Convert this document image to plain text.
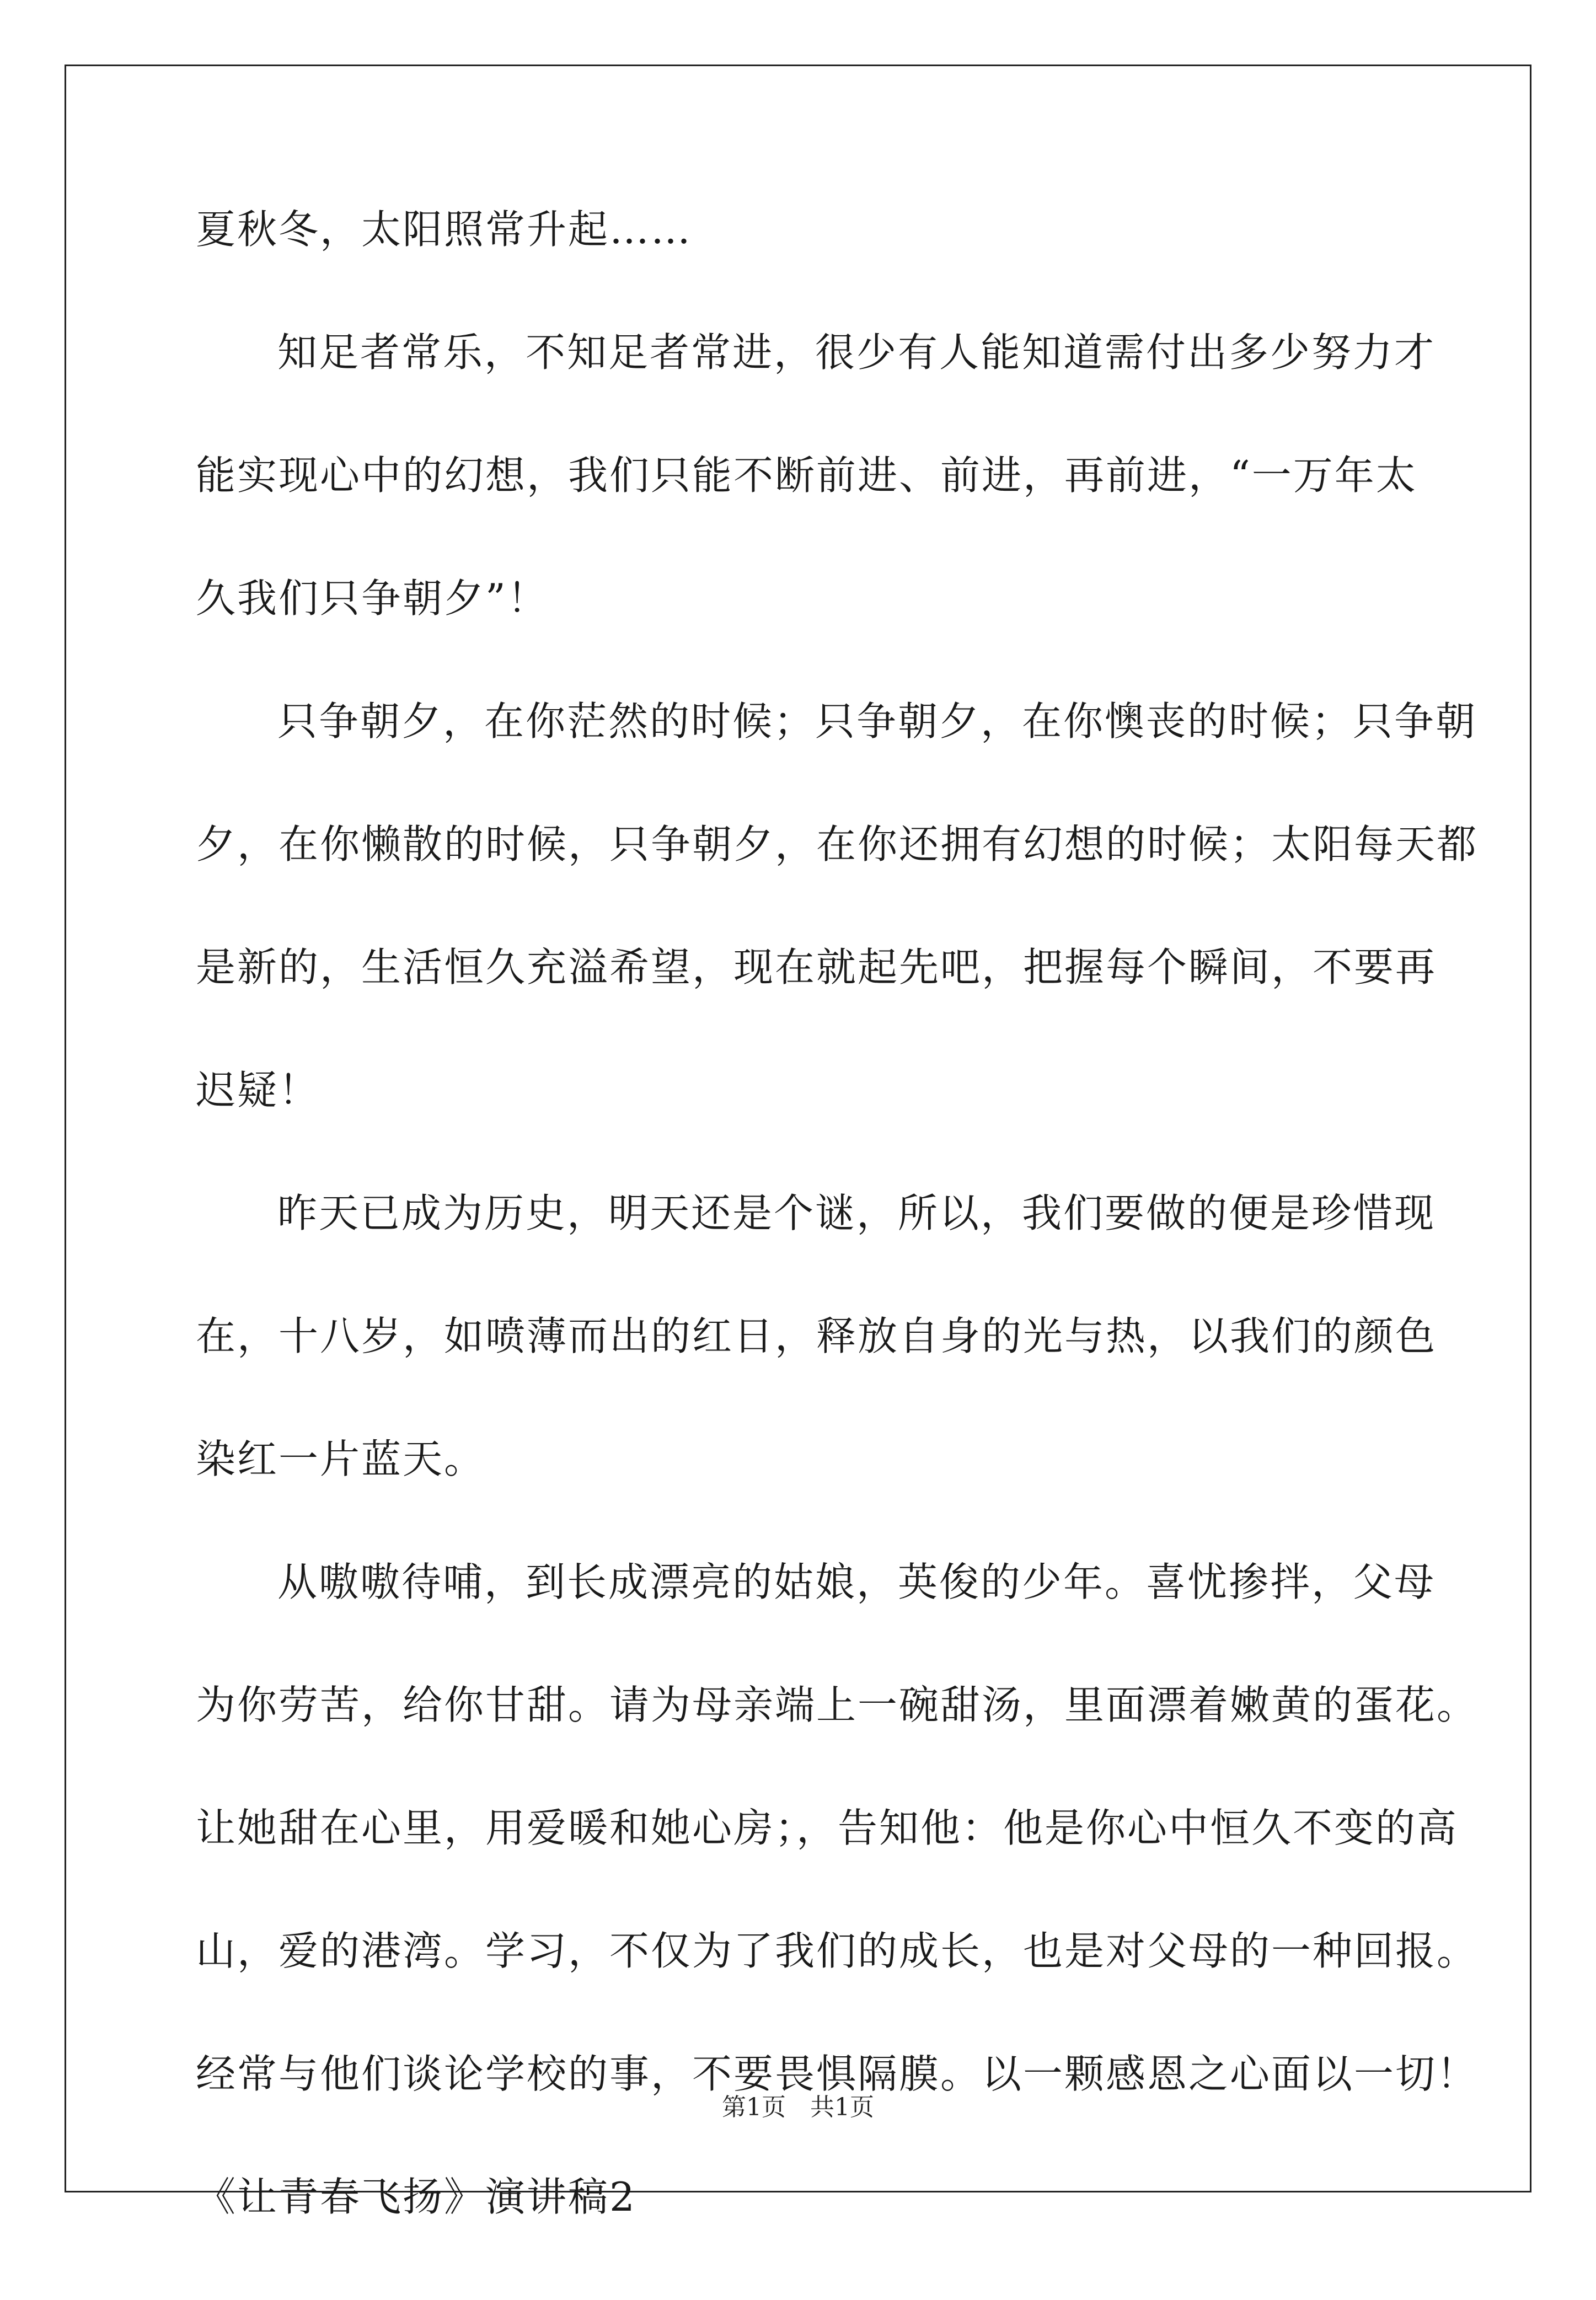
夏秋冬，太阳照常升起……
知足者常乐，不知足者常进，很少有人能知道需付出多少努力才
能实现心中的幻想，我们只能不断前进、前进，再前进，“一万年太
久我们只争朝夕”！
只争朝夕，在你茫然的时候；只争朝夕，在你懊丧的时候；只争朝
夕，在你懒散的时候，只争朝夕，在你还拥有幻想的时候；太阳每天都
是新的，生活恒久充溢希望，现在就起先吧，把握每个瞬间，不要再
迟疑！
昨天已成为历史，明天还是个谜，所以，我们要做的便是珍惜现
在，十八岁，如喷薄而出的红日，释放自身的光与热，以我们的颜色
染红一片蓝天。
从嗷嗷待哺，到长成漂亮的姑娘，英俊的少年。喜忧掺拌，父母
为你劳苦，给你甘甜。请为母亲端上一碗甜汤，里面漂着嫩黄的蛋花。
让她甜在心里，用爱暖和她心房；，告知他：他是你心中恒久不变的高
山，爱的港湾。学习，不仅为了我们的成长，也是对父母的一种回报。
经常与他们谈论学校的事，不要畏惧隔膜。以一颗感恩之心面以一切！
《让青春飞扬》演讲稿2
第1页 共1页
